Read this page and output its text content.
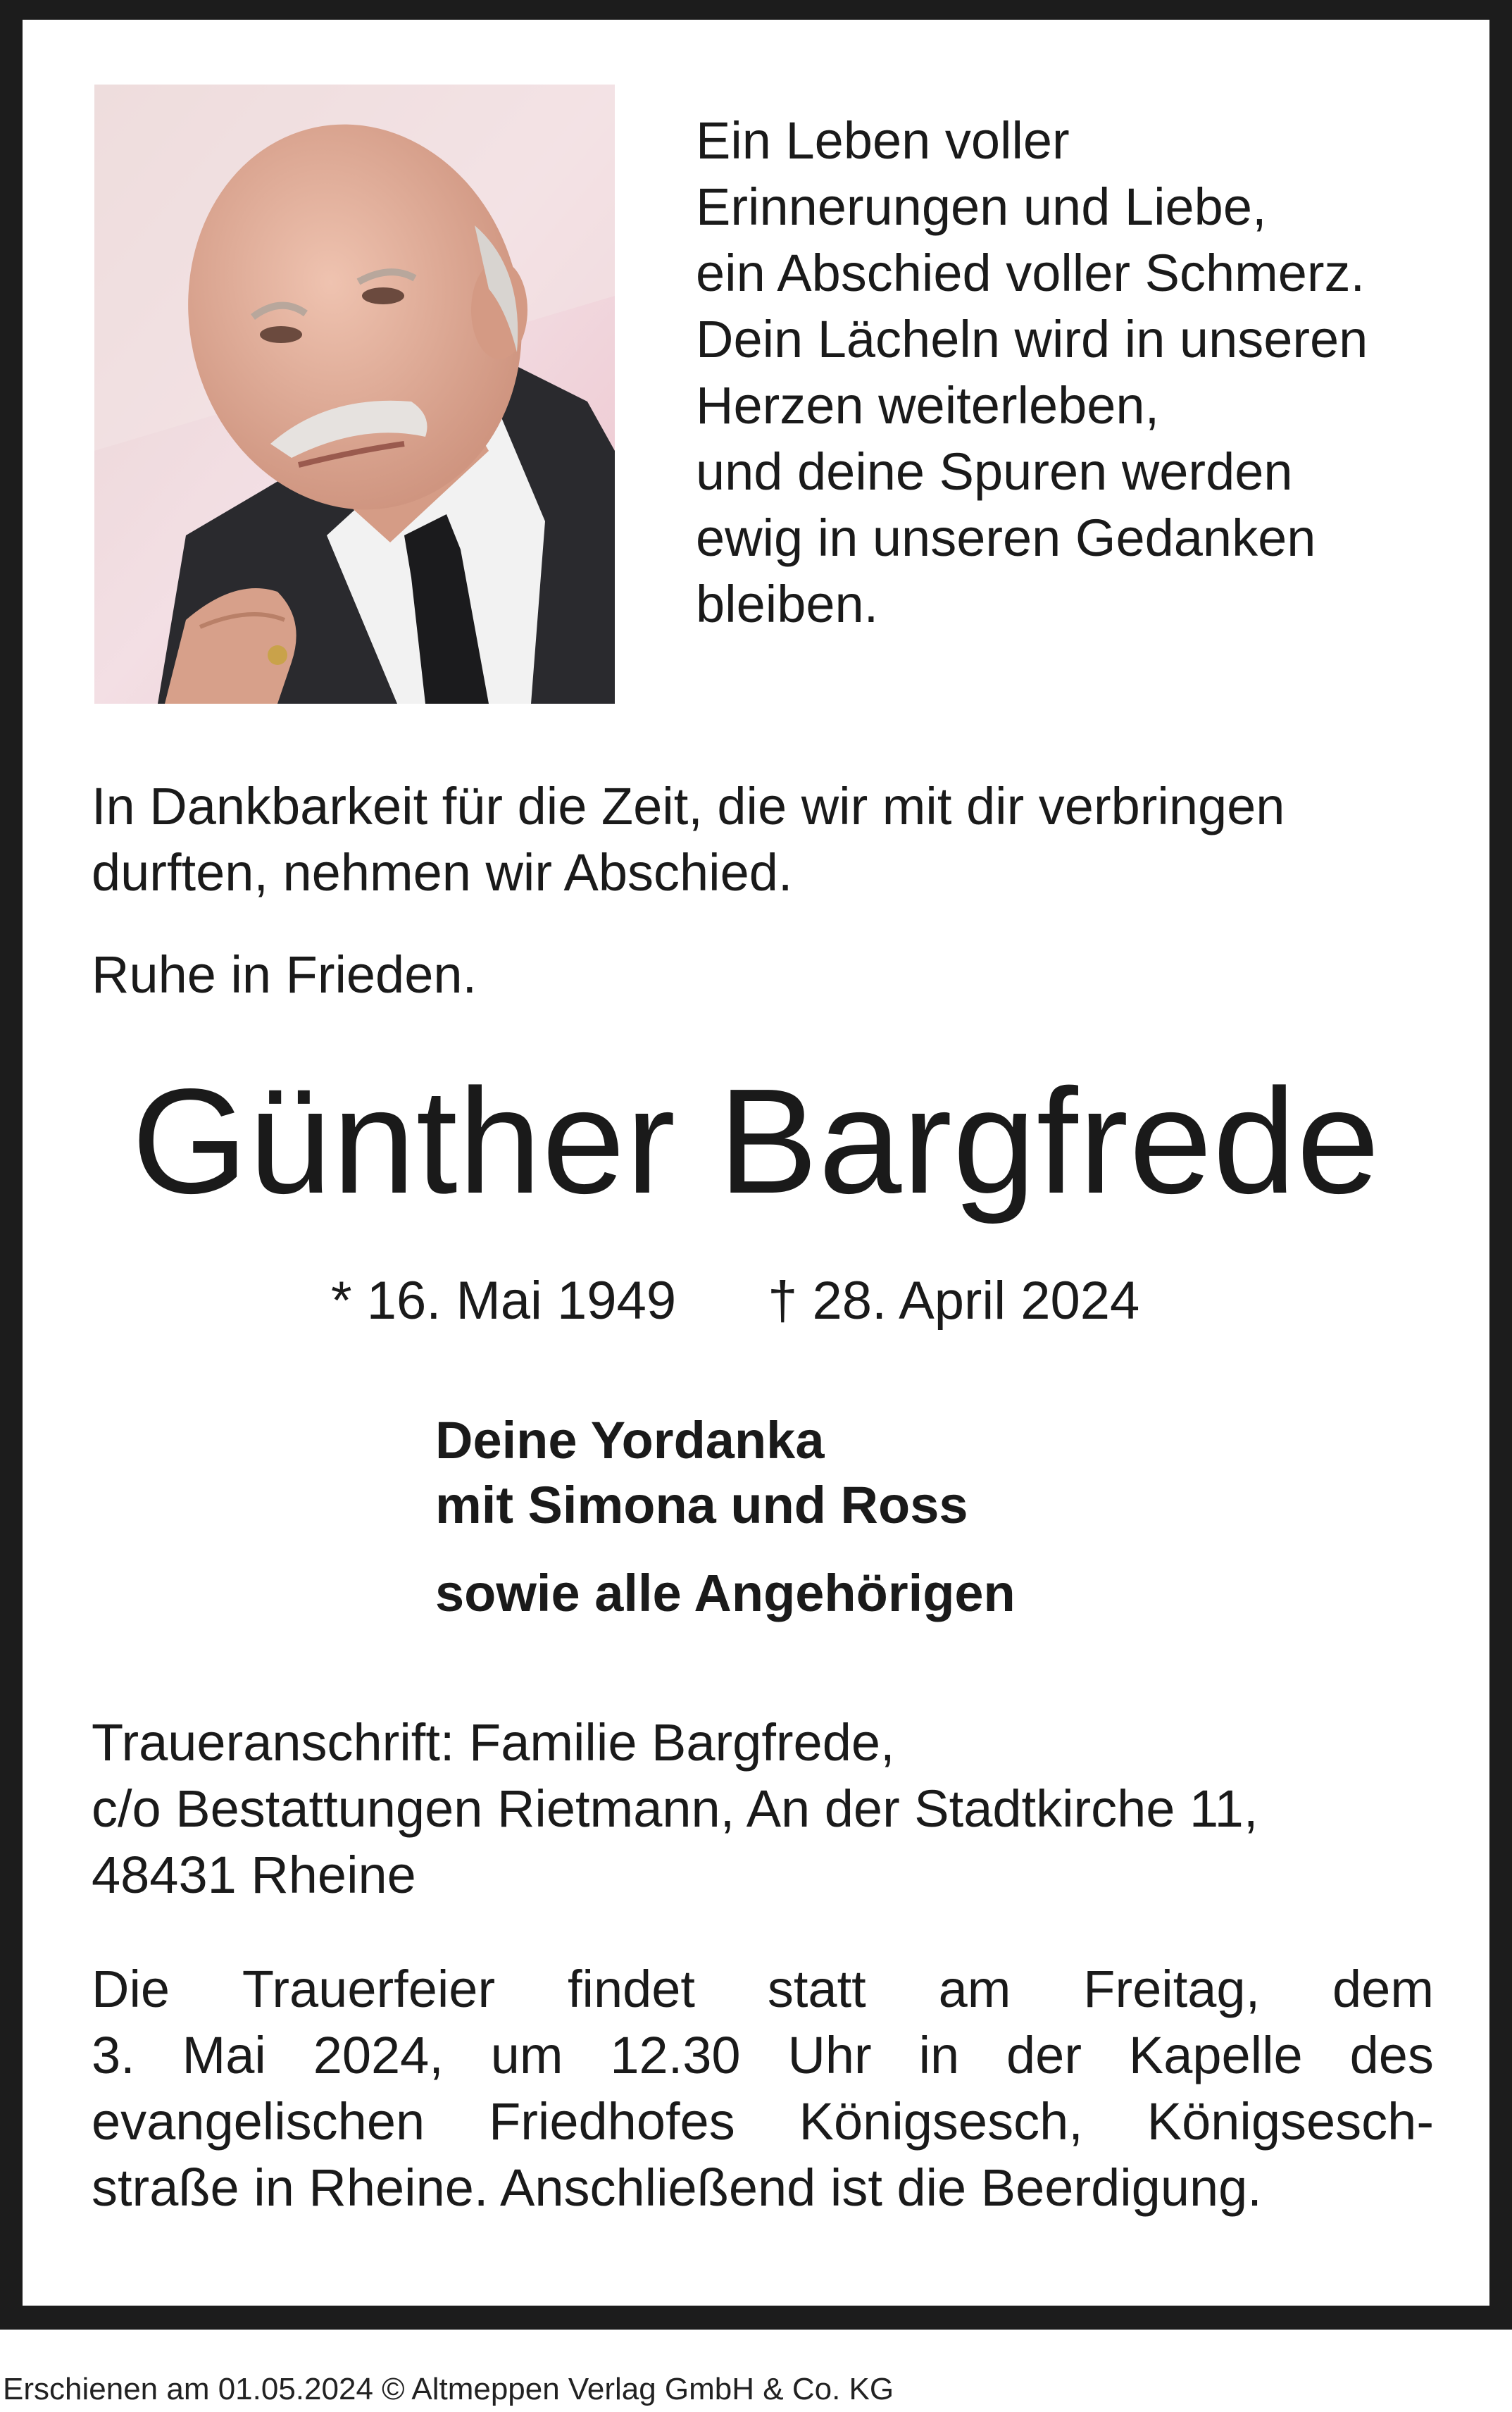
Ein Leben voller
Erinnerungen und Liebe,
ein Abschied voller Schmerz.
Dein Lächeln wird in unseren
Herzen weiterleben,
und deine Spuren werden
ewig in unseren Gedanken
bleiben.
In Dankbarkeit für die Zeit, die wir mit dir verbringen
durften, nehmen wir Abschied.
Ruhe in Frieden.
Günther Bargfrede
* 16. Mai 1949 † 28. April 2024
Deine Yordanka
mit Simona und Ross
sowie alle Angehörigen
Traueranschrift: Familie Bargfrede,
c/o Bestattungen Rietmann, An der Stadtkirche 11,
48431 Rheine
Die Trauerfeier findet statt am Freitag, dem
3. Mai 2024, um 12.30 Uhr in der Kapelle des
evangelischen Friedhofes Königsesch, Königsesch-
straße in Rheine. Anschließend ist die Beerdigung.
Erschienen am 01.05.2024 © Altmeppen Verlag GmbH & Co. KG
